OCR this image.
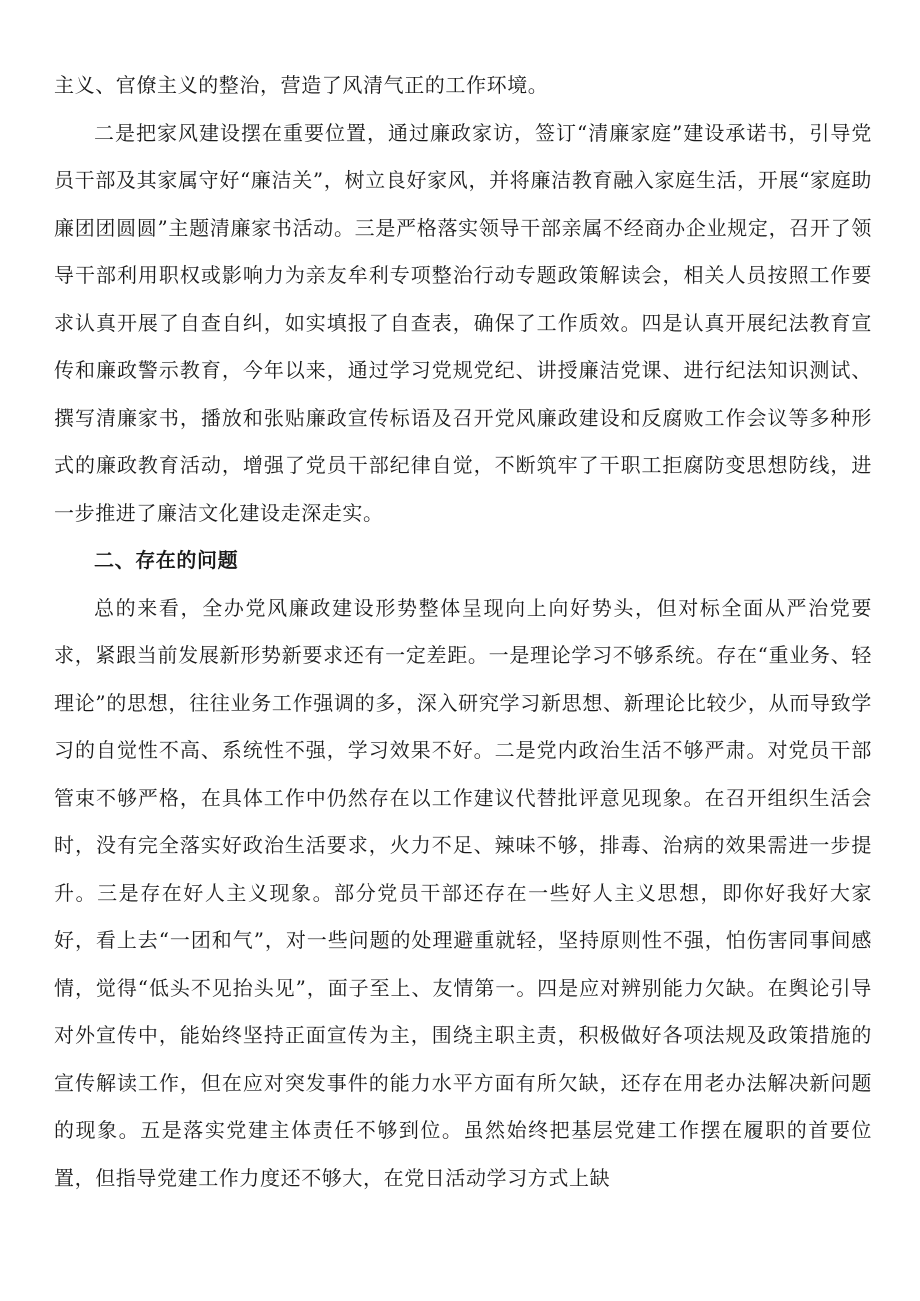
主义、官僚主义的整治，营造了风清气正的工作环境。

二是把家风建设摆在重要位置，通过廉政家访，签订“清廉家庭”建设承诺书，引导党员干部及其家属守好“廉洁关”，树立良好家风，并将廉洁教育融入家庭生活，开展“家庭助廉团团圆圆”主题清廉家书活动。三是严格落实领导干部亲属不经商办企业规定，召开了领导干部利用职权或影响力为亲友牟利专项整治行动专题政策解读会，相关人员按照工作要求认真开展了自查自纠，如实填报了自查表，确保了工作质效。四是认真开展纪法教育宣传和廉政警示教育，今年以来，通过学习党规党纪、讲授廉洁党课、进行纪法知识测试、撰写清廉家书，播放和张贴廉政宣传标语及召开党风廉政建设和反腐败工作会议等多种形式的廉政教育活动，增强了党员干部纪律自觉，不断筑牢了干职工拒腐防变思想防线，进一步推进了廉洁文化建设走深走实。

二、存在的问题

总的来看，全办党风廉政建设形势整体呈现向上向好势头，但对标全面从严治党要求，紧跟当前发展新形势新要求还有一定差距。一是理论学习不够系统。存在“重业务、轻理论”的思想，往往业务工作强调的多，深入研究学习新思想、新理论比较少，从而导致学习的自觉性不高、系统性不强，学习效果不好。二是党内政治生活不够严肃。对党员干部管束不够严格，在具体工作中仍然存在以工作建议代替批评意见现象。在召开组织生活会时，没有完全落实好政治生活要求，火力不足、辣味不够，排毒、治病的效果需进一步提升。三是存在好人主义现象。部分党员干部还存在一些好人主义思想，即你好我好大家好，看上去“一团和气”，对一些问题的处理避重就轻，坚持原则性不强，怕伤害同事间感情，觉得“低头不见抬头见”，面子至上、友情第一。四是应对辨别能力欠缺。在舆论引导对外宣传中，能始终坚持正面宣传为主，围绕主职主责，积极做好各项法规及政策措施的宣传解读工作，但在应对突发事件的能力水平方面有所欠缺，还存在用老办法解决新问题的现象。五是落实党建主体责任不够到位。虽然始终把基层党建工作摆在履职的首要位置，但指导党建工作力度还不够大，在党日活动学习方式上缺
